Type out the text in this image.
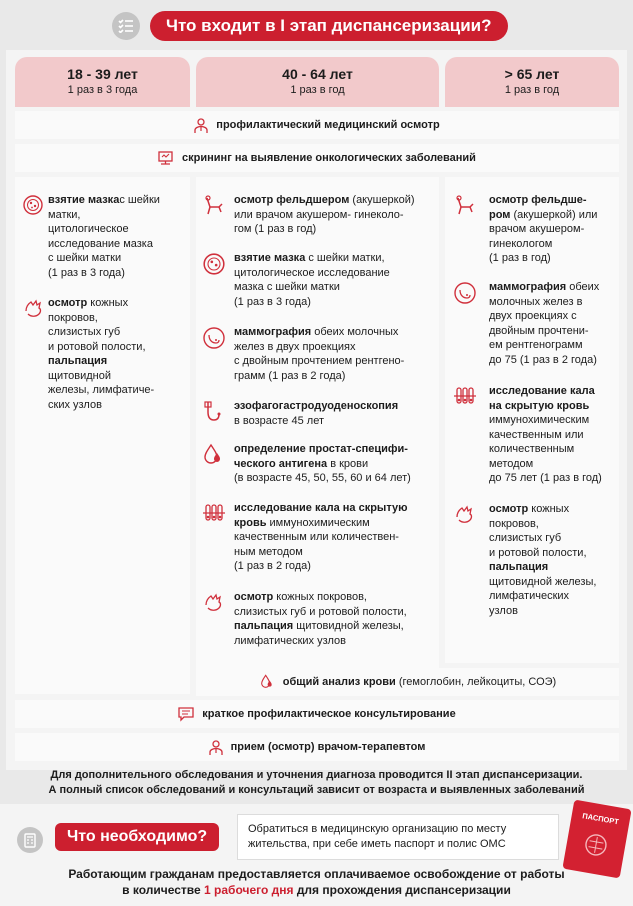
Что входит в I этап диспансеризации?
18 - 39 лет
1 раз в 3 года
40 - 64 лет
1 раз в год
> 65 лет
1 раз в год
профилактический медицинский осмотр
скрининг на выявление онкологических заболеваний
взятие мазкас шейки матки,
цитологическое
исследование мазка
с шейки матки
(1 раз в 3 года)
осмотр кожных
покровов,
слизистых губ
и ротовой полости,
пальпация
щитовидной
железы, лимфатиче-
ских узлов
осмотр фельдшером (акушеркой)
или врачом акушером- гинеколо-
гом (1 раз в год)
взятие мазка с шейки матки,
цитологическое исследование
мазка с шейки матки
(1 раз в 3 года)
маммография обеих молочных
желез в двух проекциях
с двойным прочтением рентгено-
грамм (1 раз в 2 года)
эзофагогастродуоденоскопия
в возрасте 45 лет
определение простат-специфи-
ческого антигена в крови
(в возрасте 45, 50, 55, 60 и 64 лет)
исследование кала на скрытую
кровь иммунохимическим
качественным или количествен-
ным методом
(1 раз в 2 года)
осмотр кожных покровов,
слизистых губ и ротовой полости,
пальпация щитовидной железы,
лимфатических узлов
осмотр фельдше-
ром (акушеркой) или
врачом акушером-
гинекологом
(1 раз в год)
маммография обеих
молочных желез в
двух проекциях с
двойным прочтени-
ем рентгенограмм
до 75 (1 раз в 2 года)
исследование кала
на скрытую кровь
иммунохимическим
качественным или
количественным
методом
до 75 лет (1 раз в год)
осмотр кожных
покровов,
слизистых губ
и ротовой полости,
пальпация
щитовидной железы,
лимфатических
узлов
общий анализ крови (гемоглобин, лейкоциты, СОЭ)
краткое профилактическое консультирование
прием (осмотр) врачом-терапевтом
Для дополнительного обследования и уточнения диагноза проводится II этап диспансеризации.
А полный список обследований и консультаций зависит от возраста и выявленных заболеваний
Что необходимо?	Обратиться в медицинскую организацию по месту жительства, при себе иметь паспорт и полис ОМС
ПАСПОРТ
Работающим гражданам предоставляется оплачиваемое освобождение от работы
в количестве 1 рабочего дня для прохождения диспансеризации
